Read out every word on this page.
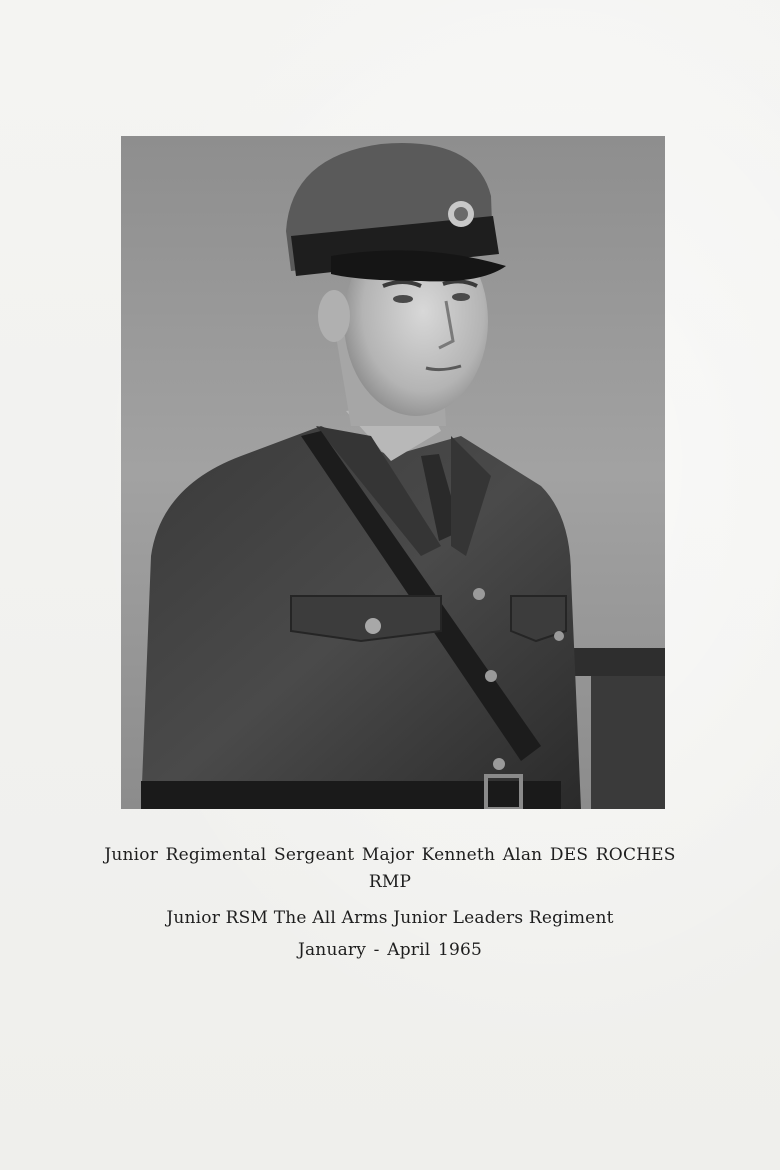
Junior Regimental Sergeant Major Kenneth Alan DES ROCHES
RMP
Junior RSM The All Arms Junior Leaders Regiment
January - April 1965
